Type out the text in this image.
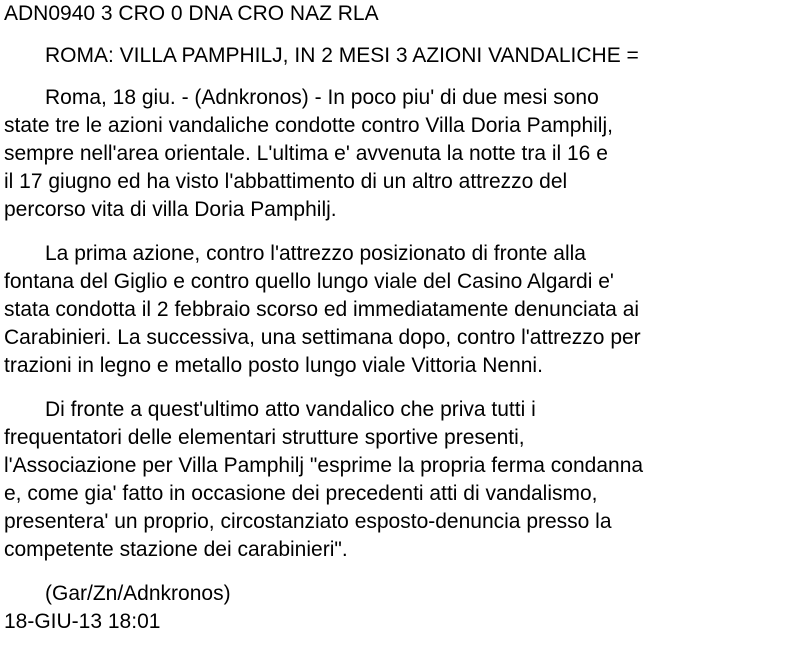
ADN0940 3 CRO 0 DNA CRO NAZ RLA
ROMA: VILLA PAMPHILJ, IN 2 MESI 3 AZIONI VANDALICHE =
Roma, 18 giu. - (Adnkronos) - In poco piu' di due mesi sono
state tre le azioni vandaliche condotte contro Villa Doria Pamphilj,
sempre nell'area orientale. L'ultima e' avvenuta la notte tra il 16 e
il 17 giugno ed ha visto l'abbattimento di un altro attrezzo del
percorso vita di villa Doria Pamphilj.
La prima azione, contro l'attrezzo posizionato di fronte alla
fontana del Giglio e contro quello lungo viale del Casino Algardi e'
stata condotta il 2 febbraio scorso ed immediatamente denunciata ai
Carabinieri. La successiva, una settimana dopo, contro l'attrezzo per
trazioni in legno e metallo posto lungo viale Vittoria Nenni.
Di fronte a quest'ultimo atto vandalico che priva tutti i
frequentatori delle elementari strutture sportive presenti,
l'Associazione per Villa Pamphilj "esprime la propria ferma condanna
e, come gia' fatto in occasione dei precedenti atti di vandalismo,
presentera' un proprio, circostanziato esposto-denuncia presso la
competente stazione dei carabinieri".
(Gar/Zn/Adnkronos)
18-GIU-13 18:01
